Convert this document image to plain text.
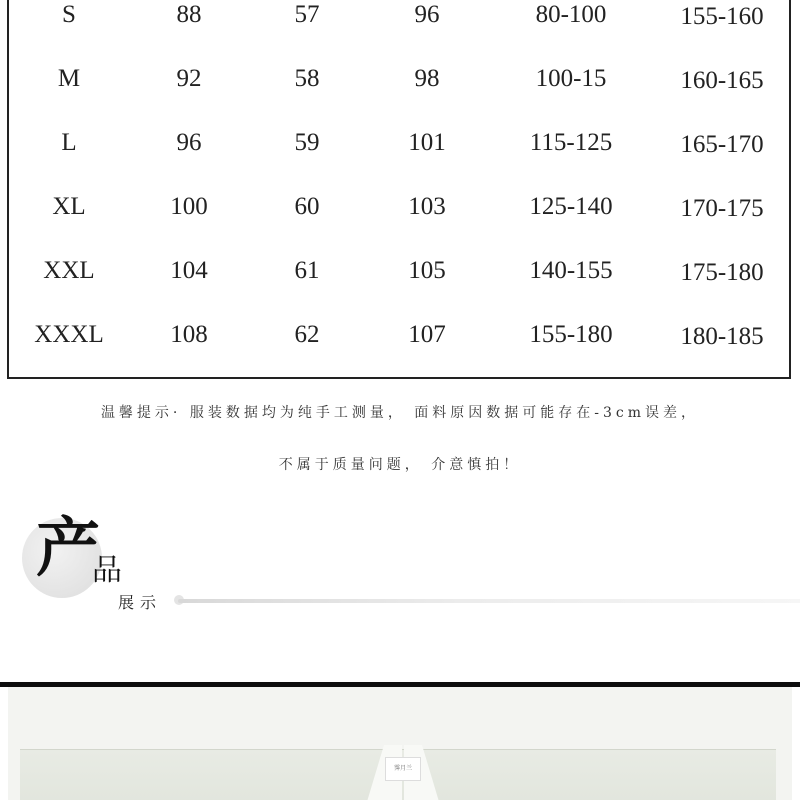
S	88	57	96	80-100	155-160
M	92	58	98	100-15	160-165
L	96	59	101	115-125	165-170
XL	100	60	103	125-140	170-175
XXL	104	61	105	140-155	175-180
XXXL	108	62	107	155-180	180-185
温馨提示· 服装数据均为纯手工测量， 面料原因数据可能存在-3cm误差，
不属于质量问题， 介意慎拍！
产
品
展示
霁月兰
